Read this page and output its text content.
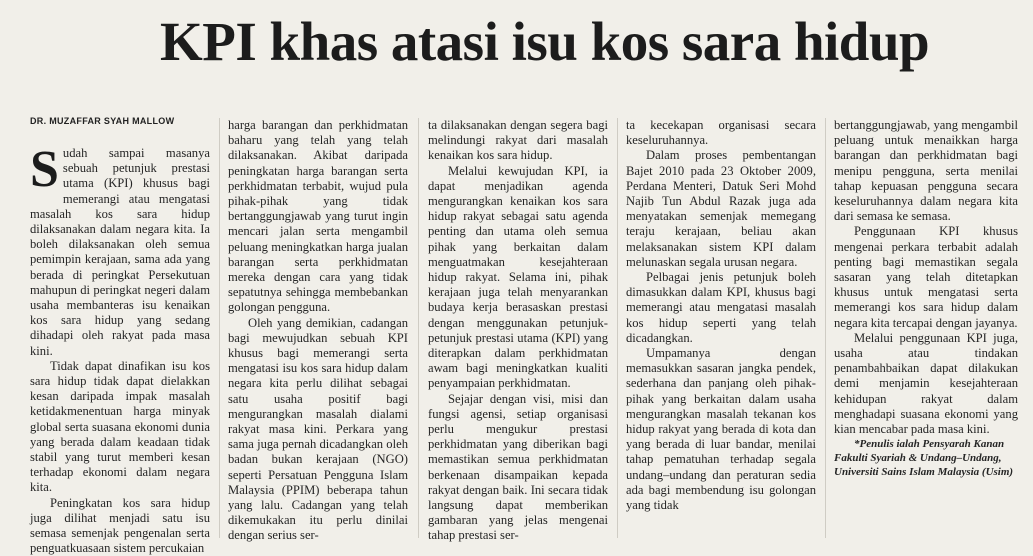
KPI khas atasi isu kos sara hidup
DR. MUZAFFAR SYAH MALLOW

Sudah sampai masanya sebuah petunjuk prestasi utama (KPI) khusus bagi memerangi atau mengatasi masalah kos sara hidup dilaksanakan dalam negara kita. Ia boleh dilaksanakan oleh semua pemimpin kerajaan, sama ada yang berada di peringkat Persekutuan mahupun di peringkat negeri dalam usaha membanteras isu kenaikan kos sara hidup yang sedang dihadapi oleh rakyat pada masa kini.

Tidak dapat dinafikan isu kos sara hidup tidak dapat dielakkan kesan daripada impak masalah ketidakmenentuan harga minyak global serta suasana ekonomi dunia yang berada dalam keadaan tidak stabil yang turut memberi kesan terhadap ekonomi dalam negara kita.

Peningkatan kos sara hidup juga dilihat menjadi satu isu semasa semenjak pengenalan serta penguatkuasaan sistem percukaian

harga barangan dan perkhidmatan baharu yang telah yang telah dilaksanakan. Akibat daripada peningkatan harga barangan serta perkhidmatan terbabit, wujud pula pihak-pihak yang tidak bertanggungjawab yang turut ingin mencari jalan serta mengambil peluang meningkatkan harga jualan barangan serta perkhidmatan mereka dengan cara yang tidak sepatutnya sehingga membebankan golongan pengguna.

Oleh yang demikian, cadangan bagi mewujudkan sebuah KPI khusus bagi memerangi serta mengatasi isu kos sara hidup dalam negara kita perlu dilihat sebagai satu usaha positif bagi mengurangkan masalah dialami rakyat masa kini. Perkara yang sama juga pernah dicadangkan oleh badan bukan kerajaan (NGO) seperti Persatuan Pengguna Islam Malaysia (PPIM) beberapa tahun yang lalu. Cadangan yang telah dikemukakan itu perlu dinilai dengan serius ser-

ta dilaksanakan dengan segera bagi melindungi rakyat dari masalah kenaikan kos sara hidup.

Melalui kewujudan KPI, ia dapat menjadikan agenda mengurangkan kenaikan kos sara hidup rakyat sebagai satu agenda penting dan utama oleh semua pihak yang berkaitan dalam menguatmakan kesejahteraan hidup rakyat. Selama ini, pihak kerajaan juga telah menyarankan budaya kerja berasaskan prestasi dengan menggunakan petunjuk-petunjuk prestasi utama (KPI) yang diterapkan dalam perkhidmatan awam bagi meningkatkan kualiti penyampaian perkhidmatan.

Sejajar dengan visi, misi dan fungsi agensi, setiap organisasi perlu mengukur prestasi perkhidmatan yang diberikan bagi memastikan semua perkhidmatan berkenaan disampaikan kepada rakyat dengan baik. Ini secara tidak langsung dapat memberikan gambaran yang jelas mengenai tahap prestasi ser-

ta kecekapan organisasi secara keseluruhannya.

Dalam proses pembentangan Bajet 2010 pada 23 Oktober 2009, Perdana Menteri, Datuk Seri Mohd Najib Tun Abdul Razak juga ada menyatakan semenjak memegang teraju kerajaan, beliau akan melaksanakan sistem KPI dalam melunaskan segala urusan negara.

Pelbagai jenis petunjuk boleh dimasukkan dalam KPI, khusus bagi memerangi atau mengatasi masalah kos hidup seperti yang telah dicadangkan.

Umpamanya dengan memasukkan sasaran jangka pendek, sederhana dan panjang oleh pihak-pihak yang berkaitan dalam usaha mengurangkan masalah tekanan kos hidup rakyat yang berada di kota dan yang berada di luar bandar, menilai tahap pematuhan terhadap segala undang–undang dan peraturan sedia ada bagi membendung isu golongan yang tidak

bertanggungjawab, yang mengambil peluang untuk menaikkan harga barangan dan perkhidmatan bagi menipu pengguna, serta menilai tahap kepuasan pengguna secara keseluruhannya dalam negara kita dari semasa ke semasa.

Penggunaan KPI khusus mengenai perkara terbabit adalah penting bagi memastikan segala sasaran yang telah ditetapkan khusus untuk mengatasi serta memerangi kos sara hidup dalam negara kita tercapai dengan jayanya.

Melalui penggunaan KPI juga, usaha atau tindakan penambahbaikan dapat dilakukan demi menjamin kesejahteraan kehidupan rakyat dalam menghadapi suasana ekonomi yang kian mencabar pada masa kini.

*Penulis ialah Pensyarah Kanan Fakulti Syariah & Undang–Undang, Universiti Sains Islam Malaysia (Usim)
